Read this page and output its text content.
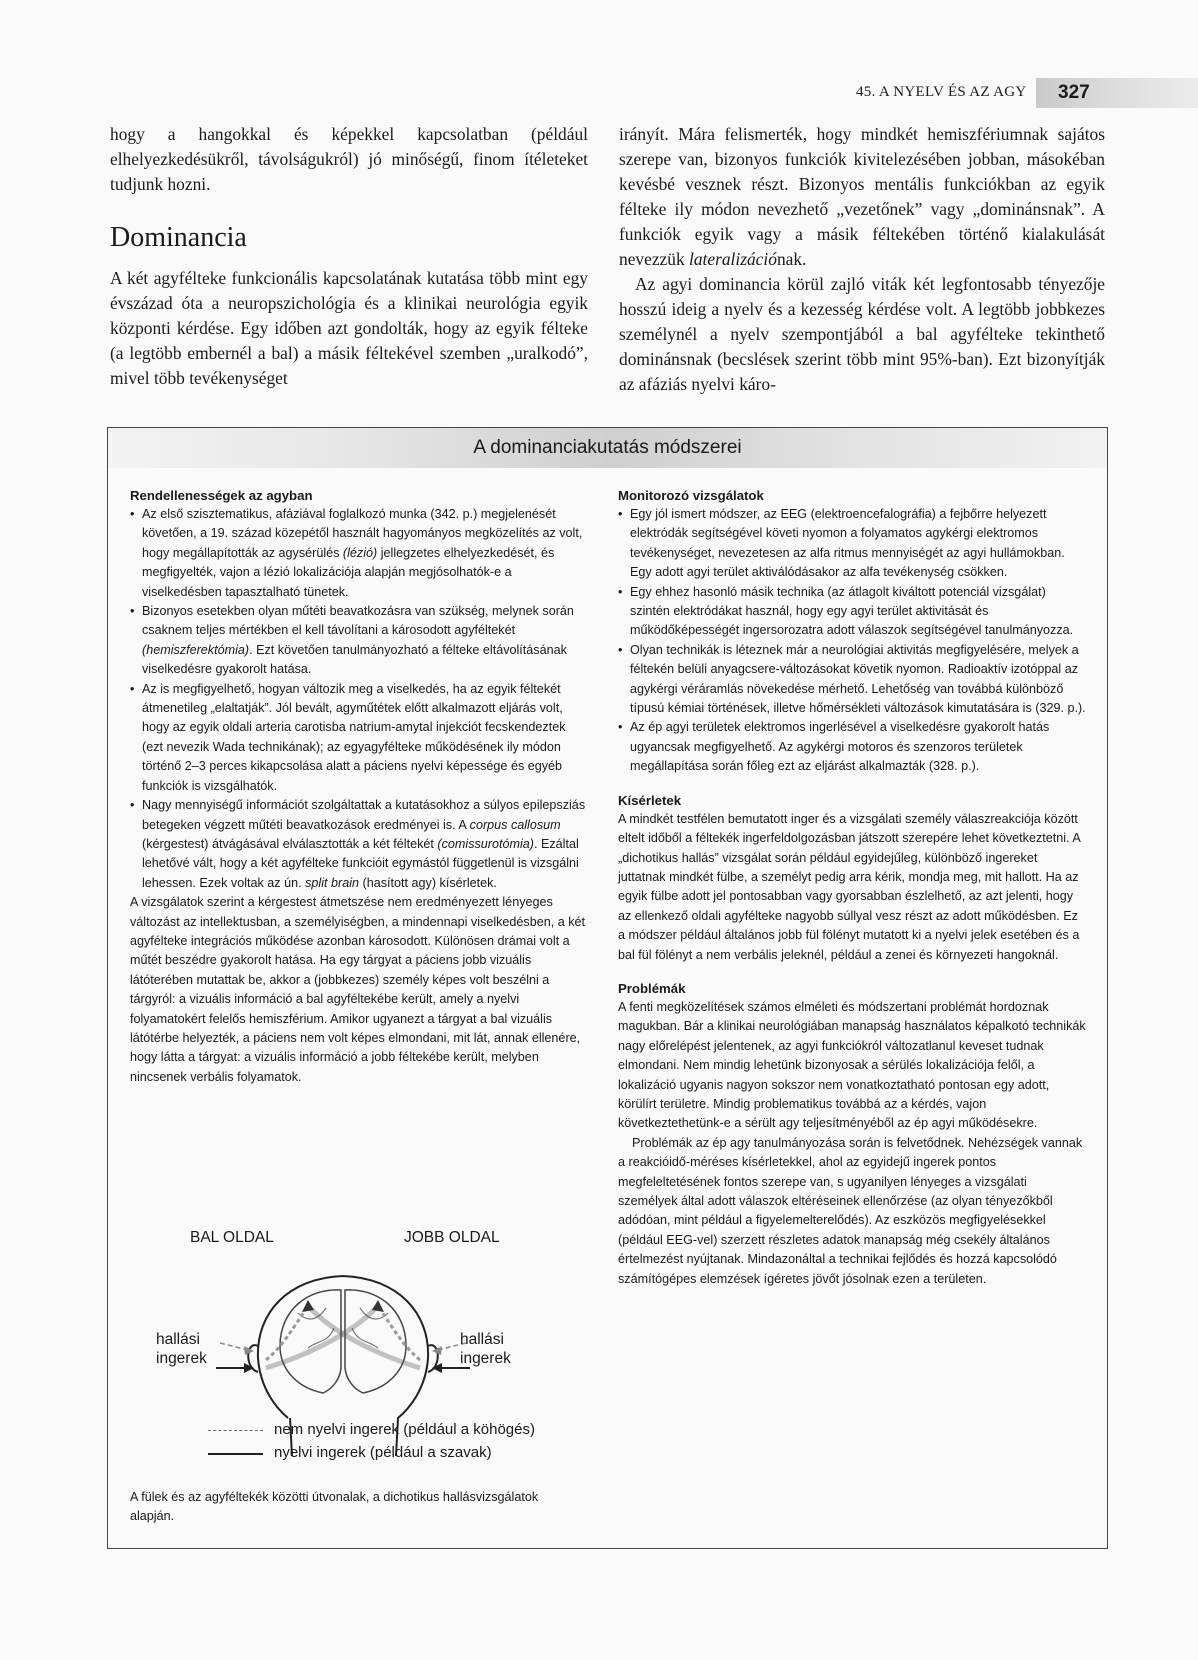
45. A NYELV ÉS AZ AGY	327

hogy a hangokkal és képekkel kapcsolatban (például elhelyezkedésükről, távolságukról) jó minőségű, finom ítéleteket tudjunk hozni.

Dominancia

A két agyfélteke funkcionális kapcsolatának kutatása több mint egy évszázad óta a neuropszichológia és a klinikai neurológia egyik központi kérdése. Egy időben azt gondolták, hogy az egyik félteke (a legtöbb embernél a bal) a másik féltekével szemben „uralkodó”, mivel több tevékenységet

irányít. Mára felismerték, hogy mindkét hemiszfériumnak sajátos szerepe van, bizonyos funkciók kivitelezésében jobban, másokéban kevésbé vesznek részt. Bizonyos mentális funkciókban az egyik félteke ily módon nevezhető „vezetőnek” vagy „dominánsnak”. A funkciók egyik vagy a másik féltekében történő kialakulását nevezzük lateralizációnak.

Az agyi dominancia körül zajló viták két legfontosabb tényezője hosszú ideig a nyelv és a kezesség kérdése volt. A legtöbb jobbkezes személynél a nyelv szempontjából a bal agyfélteke tekinthető dominánsnak (becslések szerint több mint 95%-ban). Ezt bizonyítják az afáziás nyelvi káro-

A dominanciakutatás módszerei
Rendellenességek az agyban
• Az első szisztematikus, afáziával foglalkozó munka (342. p.) megjelenését követően, a 19. század közepétől használt hagyományos megközelítés az volt, hogy megállapították az agysérülés (lézió) jellegzetes elhelyezkedését, és megfigyelték, vajon a lézió lokalizációja alapján megjósolhatók-e a viselkedésben tapasztalható tünetek.
• Bizonyos esetekben olyan műtéti beavatkozásra van szükség, melynek során csaknem teljes mértékben el kell távolítani a károsodott agyféltekét (hemiszferektómia). Ezt követően tanulmányozható a félteke eltávolításának viselkedésre gyakorolt hatása.
• Az is megfigyelhető, hogyan változik meg a viselkedés, ha az egyik féltekét átmenetileg „elaltatják”. Jól bevált, agyműtétek előtt alkalmazott eljárás volt, hogy az egyik oldali arteria carotisba natrium-amytal injekciót fecskendeztek (ezt nevezik Wada technikának); az egyagyfélteke működésének ily módon történő 2–3 perces kikapcsolása alatt a páciens nyelvi képessége és egyéb funkciók is vizsgálhatók.
• Nagy mennyiségű információt szolgáltattak a kutatásokhoz a súlyos epilepsziás betegeken végzett műtéti beavatkozások eredményei is. A corpus callosum (kérgestest) átvágásával elválasztották a két féltekét (comissurotómia). Ezáltal lehetővé vált, hogy a két agyfélteke funkcióit egymástól függetlenül is vizsgálni lehessen. Ezek voltak az ún. split brain (hasított agy) kísérletek.

A vizsgálatok szerint a kérgestest átmetszése nem eredményezett lényeges változást az intellektusban, a személyiségben, a mindennapi viselkedésben, a két agyfélteke integrációs működése azonban károsodott. Különösen drámai volt a műtét beszédre gyakorolt hatása. Ha egy tárgyat a páciens jobb vizuális látóterében mutattak be, akkor a (jobbkezes) személy képes volt beszélni a tárgyról: a vizuális információ a bal agyféltekébe került, amely a nyelvi folyamatokért felelős hemiszférium. Amikor ugyanezt a tárgyat a bal vizuális látótérbe helyezték, a páciens nem volt képes elmondani, mit lát, annak ellenére, hogy látta a tárgyat: a vizuális információ a jobb féltekébe került, melyben nincsenek verbális folyamatok.

BAL OLDAL	JOBB OLDAL
hallási
ingerek
hallási
ingerek
nem nyelvi ingerek (például a köhögés)
nyelvi ingerek (például a szavak)
A fülek és az agyféltekék közötti útvonalak, a dichotikus hallásvizsgálatok alapján.
Monitorozó vizsgálatok
• Egy jól ismert módszer, az EEG (elektroencefalográfia) a fejbőrre helyezett elektródák segítségével követi nyomon a folyamatos agykérgi elektromos tevékenységet, nevezetesen az alfa ritmus mennyiségét az agyi hullámokban. Egy adott agyi terület aktiválódásakor az alfa tevékenység csökken.
• Egy ehhez hasonló másik technika (az átlagolt kiváltott potenciál vizsgálat) szintén elektródákat használ, hogy egy agyi terület aktivitását és működőképességét ingersorozatra adott válaszok segítségével tanulmányozza.
• Olyan technikák is léteznek már a neurológiai aktivitás megfigyelésére, melyek a féltekén belüli anyagcsere-változásokat követik nyomon. Radioaktív izotóppal az agykérgi véráramlás növekedése mérhető. Lehetőség van továbbá különböző típusú kémiai történések, illetve hőmérsékleti változások kimutatására is (329. p.).
• Az ép agyi területek elektromos ingerlésével a viselkedésre gyakorolt hatás ugyancsak megfigyelhető. Az agykérgi motoros és szenzoros területek megállapítása során főleg ezt az eljárást alkalmazták (328. p.).
Kísérletek

A mindkét testfélen bemutatott inger és a vizsgálati személy válaszreakciója között eltelt időből a féltekék ingerfeldolgozásban játszott szerepére lehet következtetni. A „dichotikus hallás” vizsgálat során például egyidejűleg, különböző ingereket juttatnak mindkét fülbe, a személyt pedig arra kérik, mondja meg, mit hallott. Ha az egyik fülbe adott jel pontosabban vagy gyorsabban észlelhető, az azt jelenti, hogy az ellenkező oldali agyfélteke nagyobb súllyal vesz részt az adott működésben. Ez a módszer például általános jobb fül fölényt mutatott ki a nyelvi jelek esetében és a bal fül fölényt a nem verbális jeleknél, például a zenei és környezeti hangoknál.

Problémák

A fenti megközelítések számos elméleti és módszertani problémát hordoznak magukban. Bár a klinikai neurológiában manapság használatos képalkotó technikák nagy előrelépést jelentenek, az agyi funkciókról változatlanul keveset tudnak elmondani. Nem mindig lehetünk bizonyosak a sérülés lokalizációja felől, a lokalizáció ugyanis nagyon sokszor nem vonatkoztatható pontosan egy adott, körülírt területre. Mindig problematikus továbbá az a kérdés, vajon következtethetünk-e a sérült agy teljesítményéből az ép agyi működésekre.

Problémák az ép agy tanulmányozása során is felvetődnek. Nehézségek vannak a reakcióidő-méréses kísérletekkel, ahol az egyidejű ingerek pontos megfeleltetésének fontos szerepe van, s ugyanilyen lényeges a vizsgálati személyek által adott válaszok eltéréseinek ellenőrzése (az olyan tényezőkből adódóan, mint például a figyelemelterelődés). Az eszközös megfigyelésekkel (például EEG-vel) szerzett részletes adatok manapság még csekély általános értelmezést nyújtanak. Mindazonáltal a technikai fejlődés és hozzá kapcsolódó számítógépes elemzések ígéretes jövőt jósolnak ezen a területen.
